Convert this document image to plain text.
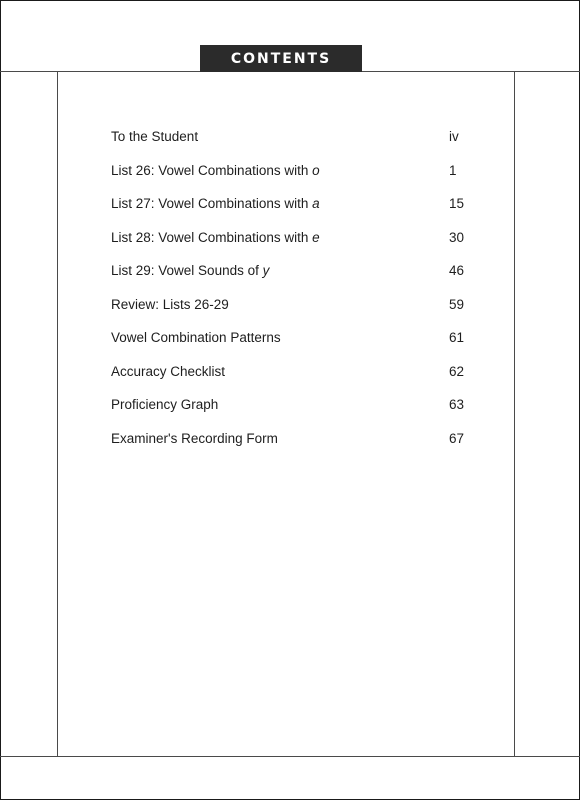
CONTENTS
To the Student	iv
List 26: Vowel Combinations with o	1
List 27: Vowel Combinations with a	15
List 28: Vowel Combinations with e	30
List 29: Vowel Sounds of y	46
Review: Lists 26-29	59
Vowel Combination Patterns	61
Accuracy Checklist	62
Proficiency Graph	63
Examiner's Recording Form	67
